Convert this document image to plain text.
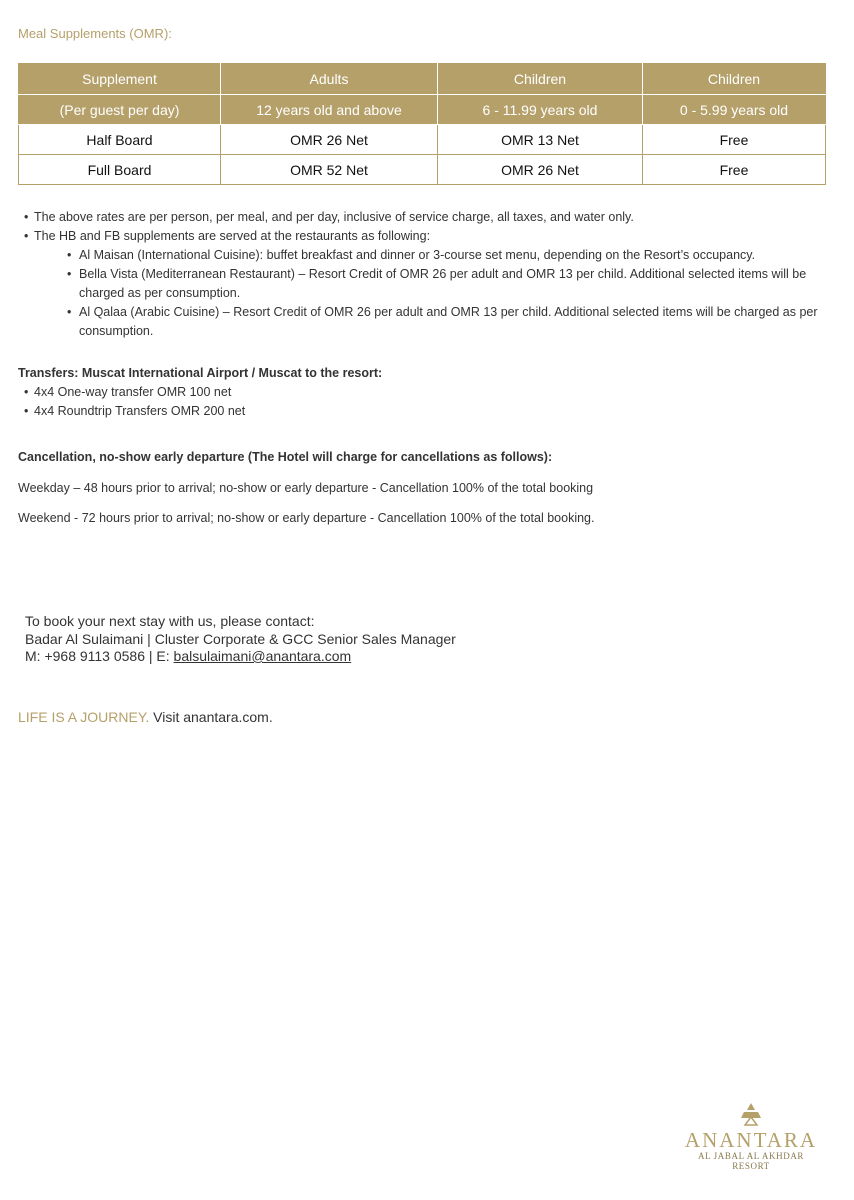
Meal Supplements (OMR):
Supplement	Adults	Children	Children
(Per guest per day)	12 years old and above	6 - 11.99 years old	0 - 5.99 years old
Half Board	OMR 26 Net	OMR 13 Net	Free
Full Board	OMR 52 Net	OMR 26 Net	Free
• The above rates are per person, per meal, and per day, inclusive of service charge, all taxes, and water only.
• The HB and FB supplements are served at the restaurants as following:
• Al Maisan (International Cuisine): buffet breakfast and dinner or 3-course set menu, depending on the Resort’s occupancy.
• Bella Vista (Mediterranean Restaurant) – Resort Credit of OMR 26 per adult and OMR 13 per child. Additional selected items will be charged as per consumption.
• Al Qalaa (Arabic Cuisine) – Resort Credit of OMR 26 per adult and OMR 13 per child. Additional selected items will be charged as per consumption.
Transfers: Muscat International Airport / Muscat to the resort:
• 4x4 One-way transfer OMR 100 net
• 4x4 Roundtrip Transfers OMR 200 net
Cancellation, no-show early departure (The Hotel will charge for cancellations as follows):
Weekday – 48 hours prior to arrival; no-show or early departure - Cancellation 100% of the total booking
Weekend - 72 hours prior to arrival; no-show or early departure - Cancellation 100% of the total booking.
To book your next stay with us, please contact:
Badar Al Sulaimani | Cluster Corporate & GCC Senior Sales Manager
M: +968 9113 0586 | E: balsulaimani@anantara.com
LIFE IS A JOURNEY. Visit anantara.com.
ANANTARA
AL JABAL AL AKHDAR
RESORT
